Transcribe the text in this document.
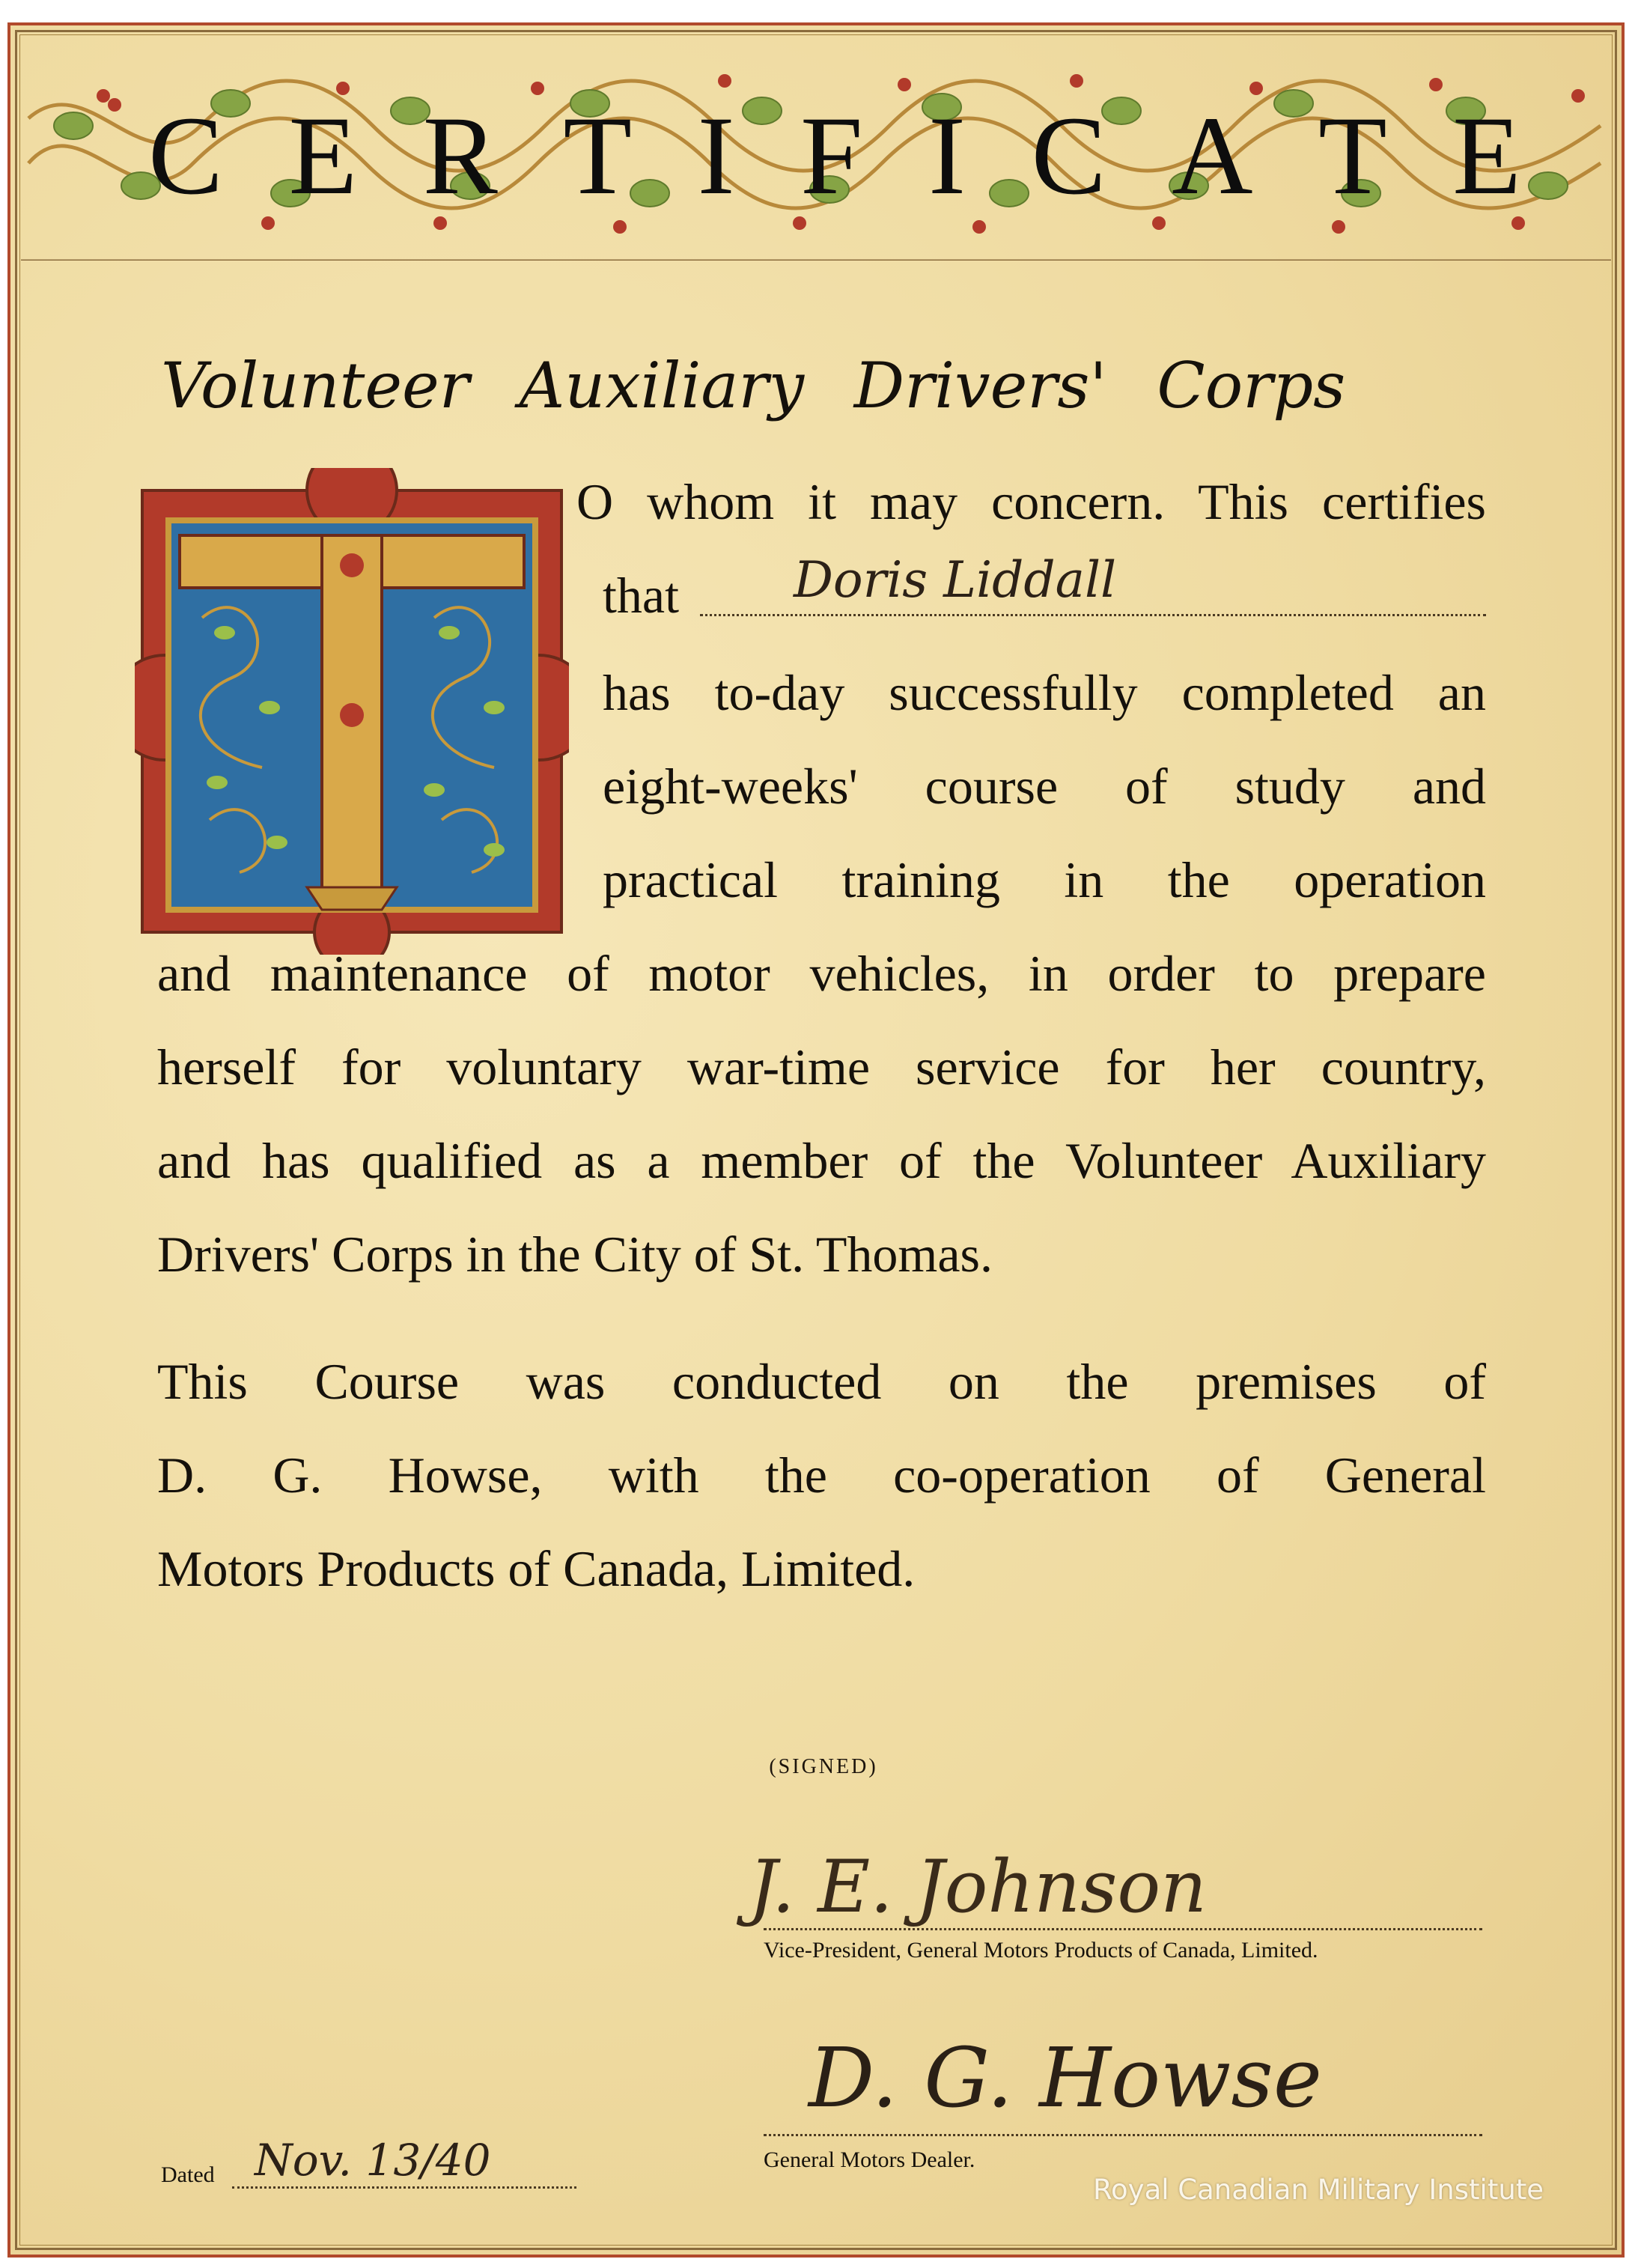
C E R T I F I C A T E
Volunteer Auxiliary Drivers' Corps
O whom it may concern. This certifies
that
has to-day successfully completed an
eight-weeks' course of study and
practical training in the operation
and maintenance of motor vehicles, in order to prepare
herself for voluntary war-time service for her country,
and has qualified as a member of the Volunteer Auxiliary
Drivers' Corps in the City of St. Thomas.
Doris Liddall
This Course was conducted on the premises of
D. G. Howse, with the co-operation of General
Motors Products of Canada, Limited.
(SIGNED)
J. E. Johnson
Vice-President, General Motors Products of Canada, Limited.
D. G. Howse
General Motors Dealer.
Dated Nov. 13/40
Royal Canadian Military Institute
